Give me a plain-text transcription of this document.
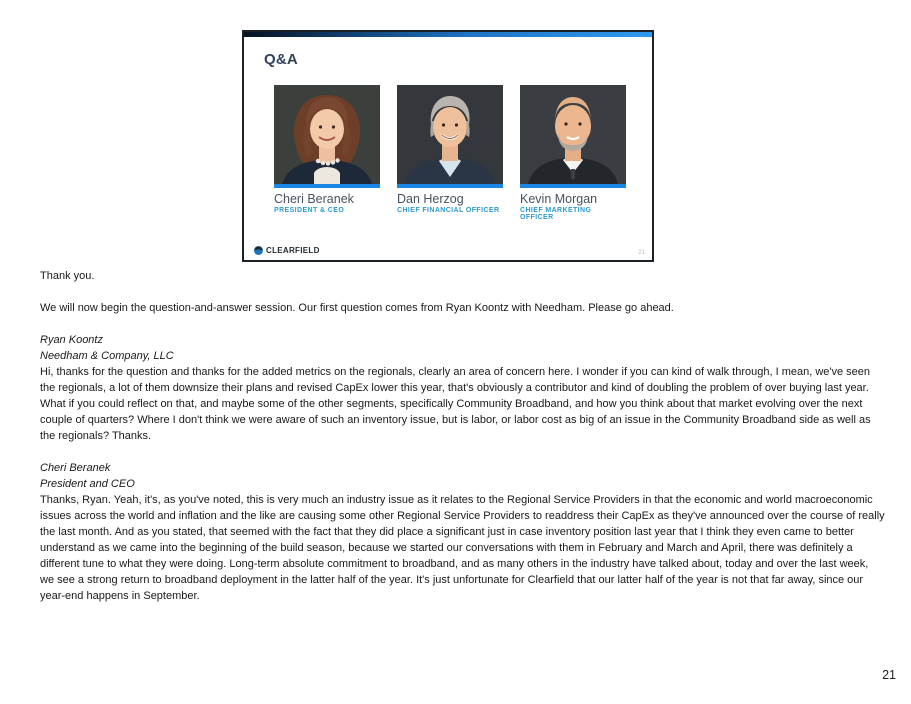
Q&A
Cheri Beranek
PRESIDENT & CEO
Dan Herzog
CHIEF FINANCIAL OFFICER
Kevin Morgan
CHIEF MARKETING OFFICER
CLEARFIELD	21

Thank you.

We will now begin the question-and-answer session. Our first question comes from Ryan Koontz with Needham. Please go ahead.

Ryan Koontz

Needham & Company, LLC

Hi, thanks for the question and thanks for the added metrics on the regionals, clearly an area of concern here. I wonder if you can kind of walk through, I mean, we've seen the regionals, a lot of them downsize their plans and revised CapEx lower this year, that's obviously a contributor and kind of doubling the problem of over buying last year. What if you could reflect on that, and maybe some of the other segments, specifically Community Broadband, and how you think about that market evolving over the next couple of quarters? Where I don't think we were aware of such an inventory issue, but is labor, or labor cost as big of an issue in the Community Broadband side as well as the regionals? Thanks.

Cheri Beranek

President and CEO

Thanks, Ryan. Yeah, it's, as you've noted, this is very much an industry issue as it relates to the Regional Service Providers in that the economic and world macroeconomic issues across the world and inflation and the like are causing some other Regional Service Providers to readdress their CapEx as they've announced over the course of really the last month. And as you stated, that seemed with the fact that they did place a significant just in case inventory position last year that I think they even came to better understand as we came into the beginning of the build season, because we started our conversations with them in February and March and April, there was definitely a different tune to what they were doing. Long-term absolute commitment to broadband, and as many others in the industry have talked about, today and over the last week, we see a strong return to broadband deployment in the latter half of the year. It's just unfortunate for Clearfield that our latter half of the year is not that far away, since our year-end happens in September.

21
